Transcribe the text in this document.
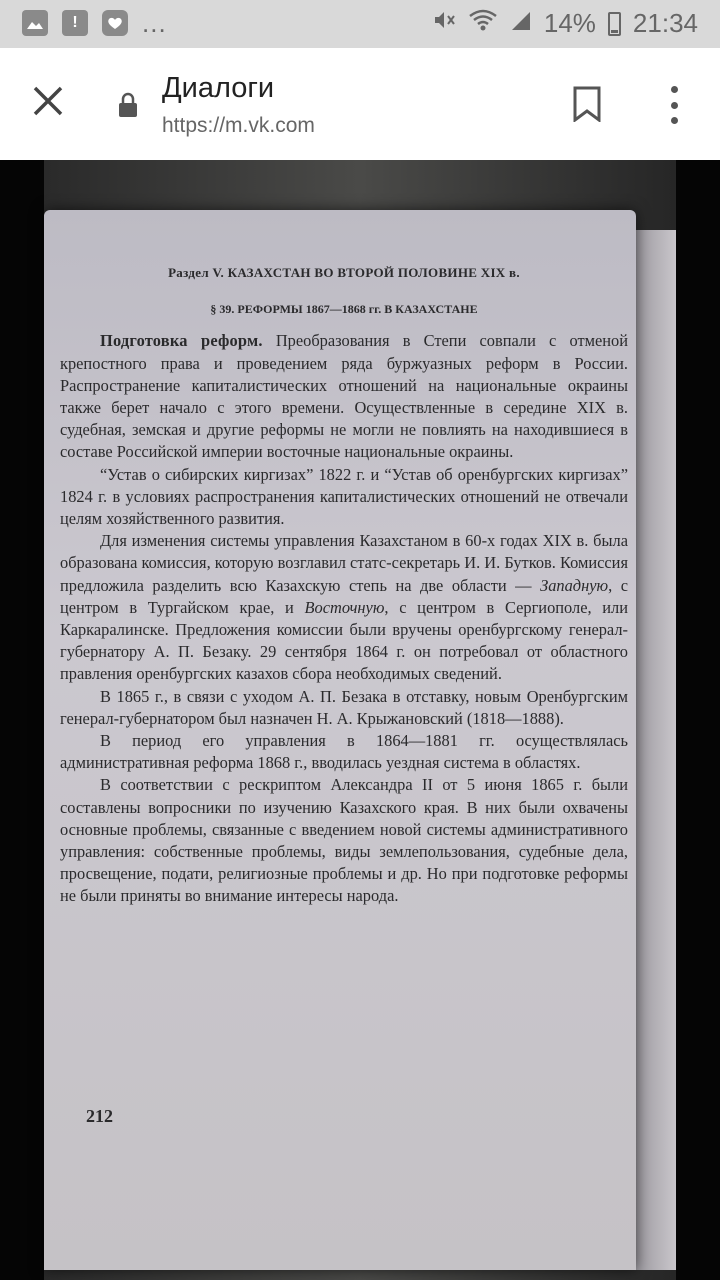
!	...	14% 21:34
Диалоги
https://m.vk.com

Раздел V. КАЗАХСТАН ВО ВТОРОЙ ПОЛОВИНЕ XIX в.

§ 39. РЕФОРМЫ 1867—1868 гг. В КАЗАХСТАНЕ

Подготовка реформ. Преобразования в Степи совпали с отменой крепостного права и проведением ряда буржуазных реформ в России. Распространение капиталистических отношений на национальные окраины также берет начало с этого времени. Осуществленные в середине XIX в. судебная, земская и другие реформы не могли не повлиять на находившиеся в составе Российской империи восточные национальные окраины.

“Устав о сибирских киргизах” 1822 г. и “Устав об оренбургских киргизах” 1824 г. в условиях распространения капиталистических отношений не отвечали целям хозяйственного развития.

Для изменения системы управления Казахстаном в 60-х годах XIX в. была образована комиссия, которую возглавил статс-секретарь И. И. Бутков. Комиссия предложила разделить всю Казахскую степь на две области — Западную, с центром в Тургайском крае, и Восточную, с центром в Сергиополе, или Каркаралинске. Предложения комиссии были вручены оренбургскому генерал-губернатору А. П. Безаку. 29 сентября 1864 г. он потребовал от областного правления оренбургских казахов сбора необходимых сведений.

В 1865 г., в связи с уходом А. П. Безака в отставку, новым Оренбургским генерал-губернатором был назначен Н. А. Крыжановский (1818—1888).

В период его управления в 1864—1881 гг. осуществлялась административная реформа 1868 г., вводилась уездная система в областях.

В соответствии с рескриптом Александра II от 5 июня 1865 г. были составлены вопросники по изучению Казахского края. В них были охвачены основные проблемы, связанные с введением новой системы административного управления: собственные проблемы, виды землепользования, судебные дела, просвещение, подати, религиозные проблемы и др. Но при подготовке реформы не были приняты во внимание интересы народа.

212
